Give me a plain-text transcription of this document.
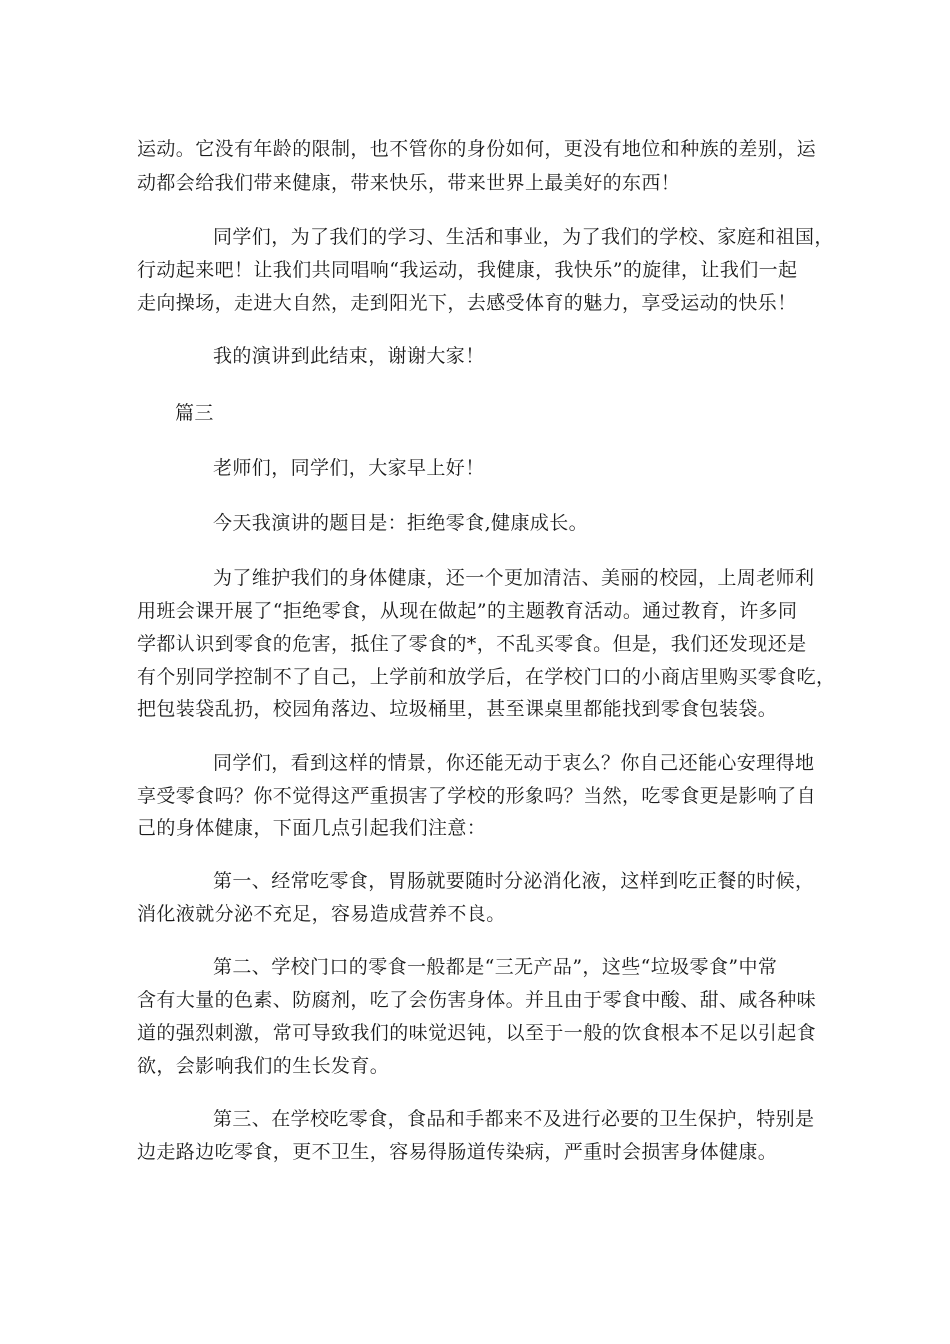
运动。它没有年龄的限制，也不管你的身份如何，更没有地位和种族的差别，运
动都会给我们带来健康，带来快乐，带来世界上最美好的东西！
同学们，为了我们的学习、生活和事业，为了我们的学校、家庭和祖国，
行动起来吧！让我们共同唱响“我运动，我健康，我快乐”的旋律，让我们一起
走向操场，走进大自然，走到阳光下，去感受体育的魅力，享受运动的快乐！
我的演讲到此结束，谢谢大家！
篇三
老师们，同学们，大家早上好！
今天我演讲的题目是：拒绝零食,健康成长。
为了维护我们的身体健康，还一个更加清洁、美丽的校园，上周老师利
用班会课开展了“拒绝零食，从现在做起”的主题教育活动。通过教育，许多同
学都认识到零食的危害，抵住了零食的*，不乱买零食。但是，我们还发现还是
有个别同学控制不了自己，上学前和放学后，在学校门口的小商店里购买零食吃，
把包装袋乱扔，校园角落边、垃圾桶里，甚至课桌里都能找到零食包装袋。
同学们，看到这样的情景，你还能无动于衷么？你自己还能心安理得地
享受零食吗？你不觉得这严重损害了学校的形象吗？当然，吃零食更是影响了自
己的身体健康，下面几点引起我们注意：
第一、经常吃零食，胃肠就要随时分泌消化液，这样到吃正餐的时候，
消化液就分泌不充足，容易造成营养不良。
第二、学校门口的零食一般都是“三无产品”，这些“垃圾零食”中常
含有大量的色素、防腐剂，吃了会伤害身体。并且由于零食中酸、甜、咸各种味
道的强烈刺激，常可导致我们的味觉迟钝，以至于一般的饮食根本不足以引起食
欲，会影响我们的生长发育。
第三、在学校吃零食，食品和手都来不及进行必要的卫生保护，特别是
边走路边吃零食，更不卫生，容易得肠道传染病，严重时会损害身体健康。
